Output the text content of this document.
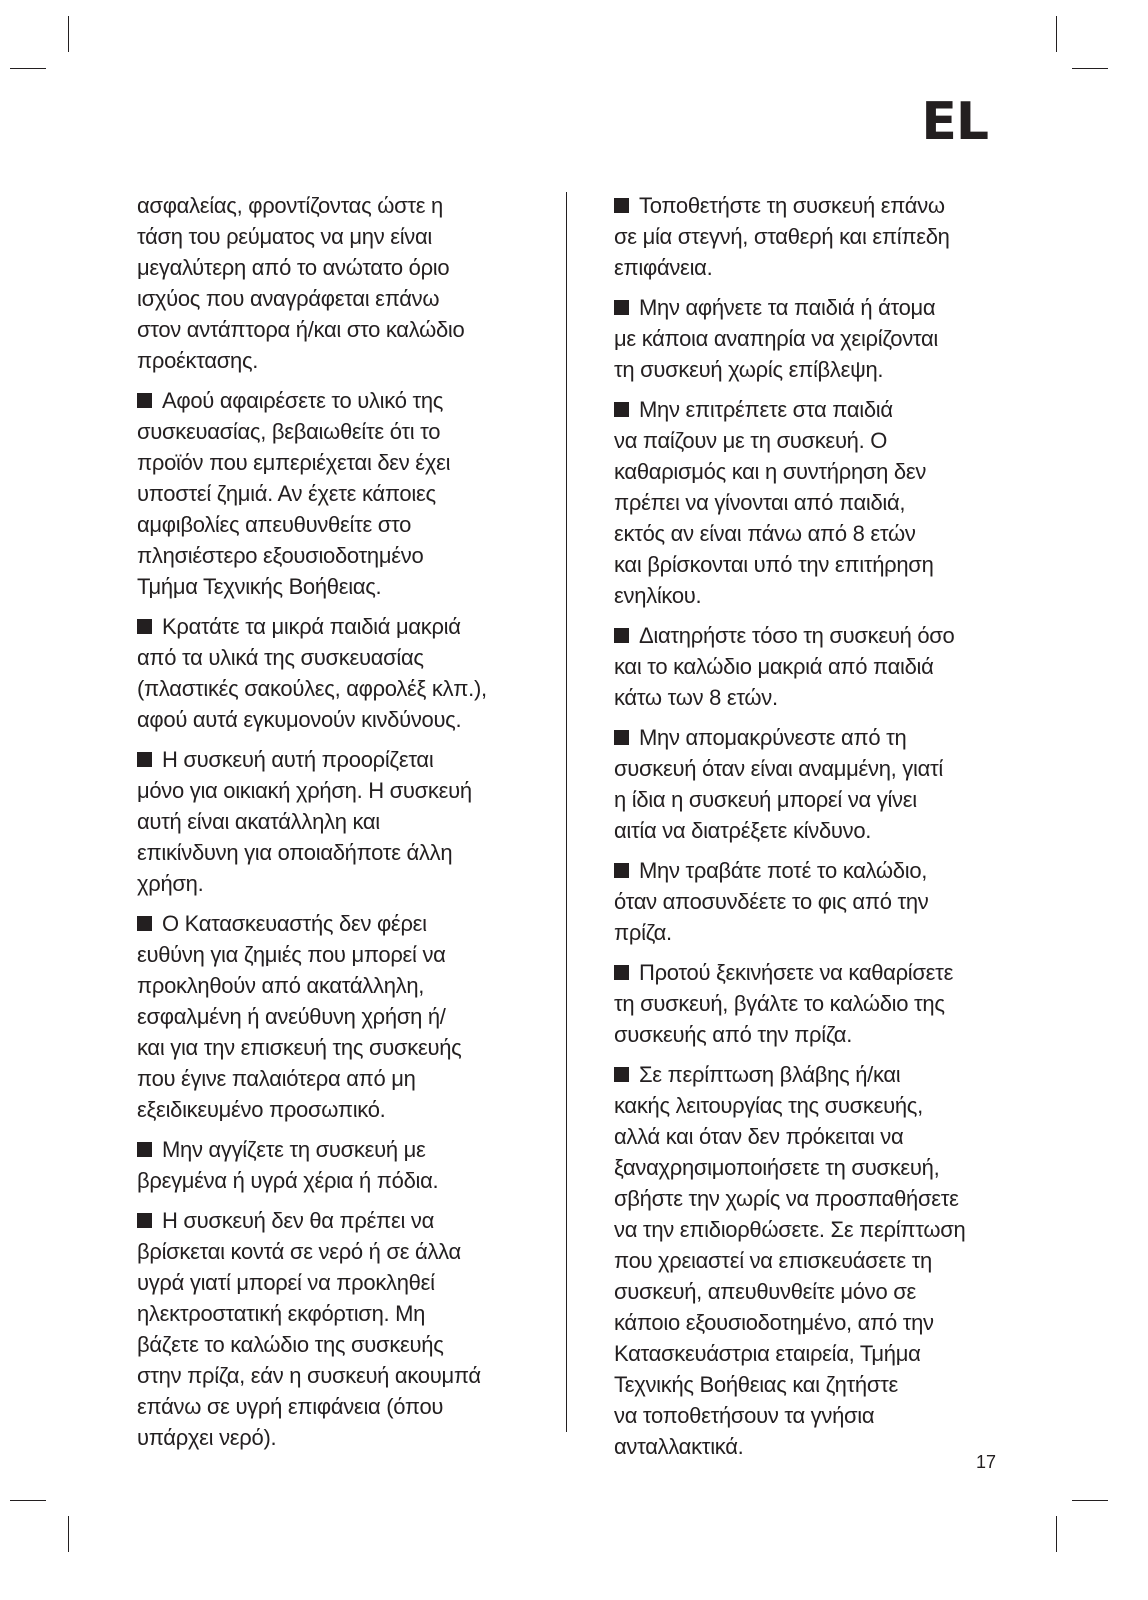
EL
ασφαλείας, φροντίζοντας ώστε η
τάση του ρεύματος να μην είναι
μεγαλύτερη από το ανώτατο όριο
ισχύος που αναγράφεται επάνω
στον αντάπτορα ή/και στο καλώδιο
προέκτασης.
Αφού αφαιρέσετε το υλικό της
συσκευασίας, βεβαιωθείτε ότι το
προϊόν που εμπεριέχεται δεν έχει
υποστεί ζημιά. Αν έχετε κάποιες
αμφιβολίες απευθυνθείτε στο
πλησιέστερο εξουσιοδοτημένο
Τμήμα Τεχνικής Βοήθειας.
Κρατάτε τα μικρά παιδιά μακριά
από τα υλικά της συσκευασίας
(πλαστικές σακούλες, αφρολέξ κλπ.),
αφού αυτά εγκυμονούν κινδύνους.
Η συσκευή αυτή προορίζεται
μόνο για οικιακή χρήση. Η συσκευή
αυτή είναι ακατάλληλη και
επικίνδυνη για οποιαδήποτε άλλη
χρήση.
Ο Κατασκευαστής δεν φέρει
ευθύνη για ζημιές που μπορεί να
προκληθούν από ακατάλληλη,
εσφαλμένη ή ανεύθυνη χρήση ή/
και για την επισκευή της συσκευής
που έγινε παλαιότερα από μη
εξειδικευμένο προσωπικό.
Μην αγγίζετε τη συσκευή με
βρεγμένα ή υγρά χέρια ή πόδια.
Η συσκευή δεν θα πρέπει να
βρίσκεται κοντά σε νερό ή σε άλλα
υγρά γιατί μπορεί να προκληθεί
ηλεκτροστατική εκφόρτιση. Μη
βάζετε το καλώδιο της συσκευής
στην πρίζα, εάν η συσκευή ακουμπά
επάνω σε υγρή επιφάνεια (όπου
υπάρχει νερό).
Τοποθετήστε τη συσκευή επάνω
σε μία στεγνή, σταθερή και επίπεδη
επιφάνεια.
Μην αφήνετε τα παιδιά ή άτομα
με κάποια αναπηρία να χειρίζονται
τη συσκευή χωρίς επίβλεψη.
Μην επιτρέπετε στα παιδιά
να παίζουν με τη συσκευή. Ο
καθαρισμός και η συντήρηση δεν
πρέπει να γίνονται από παιδιά,
εκτός αν είναι πάνω από 8 ετών
και βρίσκονται υπό την επιτήρηση
ενηλίκου.
Διατηρήστε τόσο τη συσκευή όσο
και το καλώδιο μακριά από παιδιά
κάτω των 8 ετών.
Μην απομακρύνεστε από τη
συσκευή όταν είναι αναμμένη, γιατί
η ίδια η συσκευή μπορεί να γίνει
αιτία να διατρέξετε κίνδυνο.
Μην τραβάτε ποτέ το καλώδιο,
όταν αποσυνδέετε το φις από την
πρίζα.
Προτού ξεκινήσετε να καθαρίσετε
τη συσκευή, βγάλτε το καλώδιο της
συσκευής από την πρίζα.
Σε περίπτωση βλάβης ή/και
κακής λειτουργίας της συσκευής,
αλλά και όταν δεν πρόκειται να
ξαναχρησιμοποιήσετε τη συσκευή,
σβήστε την χωρίς να προσπαθήσετε
να την επιδιορθώσετε. Σε περίπτωση
που χρειαστεί να επισκευάσετε τη
συσκευή, απευθυνθείτε μόνο σε
κάποιο εξουσιοδοτημένο, από την
Κατασκευάστρια εταιρεία, Τμήμα
Τεχνικής Βοήθειας και ζητήστε
να τοποθετήσουν τα γνήσια
ανταλλακτικά.
17
